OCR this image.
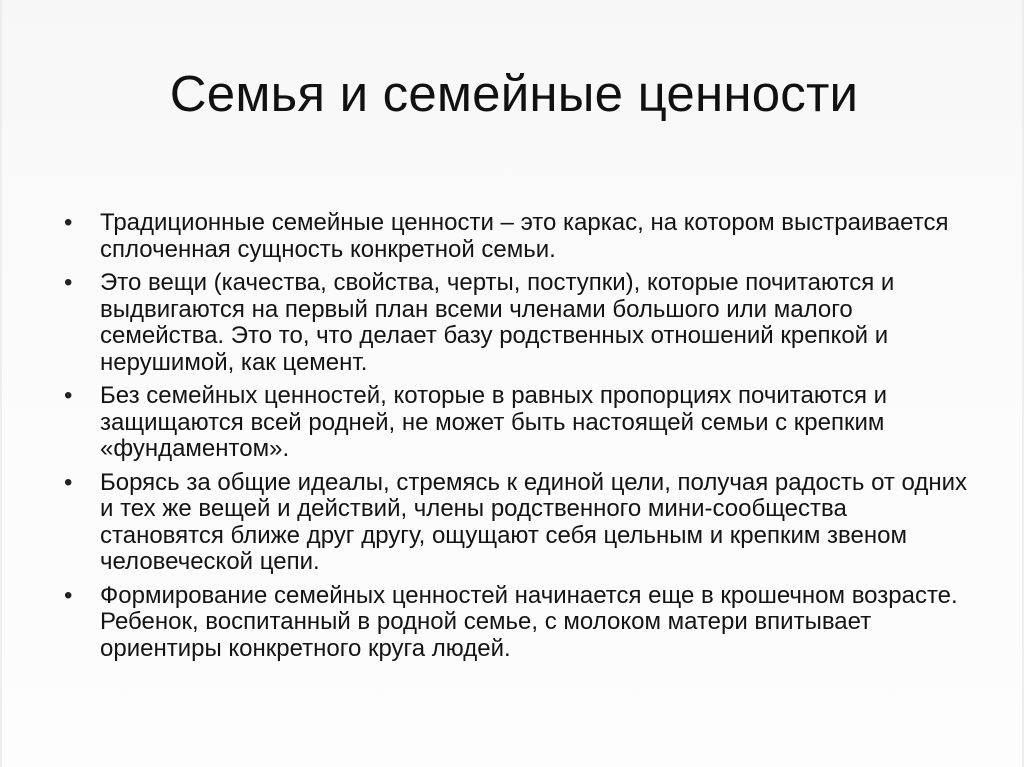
Семья и семейные ценности
• Традиционные семейные ценности – это каркас, на котором выстраивается сплоченная сущность конкретной семьи.
• Это вещи (качества, свойства, черты, поступки), которые почитаются и выдвигаются на первый план всеми членами большого или малого семейства. Это то, что делает базу родственных отношений крепкой и нерушимой, как цемент.
• Без семейных ценностей, которые в равных пропорциях почитаются и защищаются всей родней, не может быть настоящей семьи с крепким «фундаментом».
• Борясь за общие идеалы, стремясь к единой цели, получая радость от одних и тех же вещей и действий, члены родственного мини-сообщества становятся ближе друг другу, ощущают себя цельным и крепким звеном человеческой цепи.
• Формирование семейных ценностей начинается еще в крошечном возрасте. Ребенок, воспитанный в родной семье, с молоком матери впитывает ориентиры конкретного круга людей.
